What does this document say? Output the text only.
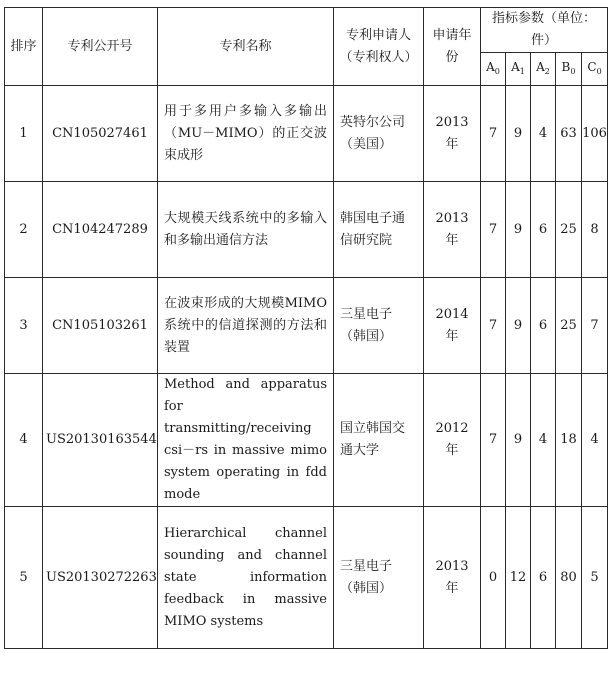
排序	专利公开号	专利名称	专利申请人（专利权人）	申请年份	指标参数（单位：件）				
					$A_0$	$A_1$	$A_2$	$B_0$	$C_0$
1	CN105027461	用于多用户多输入多输出（MU－MIMO）的正交波束成形	英特尔公司（美国）	2013 年	7	9	4	63	106
2	CN104247289	大规模天线系统中的多输入和多输出通信方法	韩国电子通信研究院	2013 年	7	9	6	25	8
3	CN105103261	在波束形成的大规模MIMO 系统中的信道探测的方法和装置	三星电子（韩国）	2014 年	7	9	6	25	7
4	US20130163544	Method and apparatus for transmitting/receiving csi－rs in massive mimo system operating in fdd mode	国立韩国交通大学	2012 年	7	9	4	18	4
5	US20130272263	Hierarchical channel sounding and channel state information feedback in massive MIMO systems	三星电子（韩国）	2013 年	0	12	6	80	5
